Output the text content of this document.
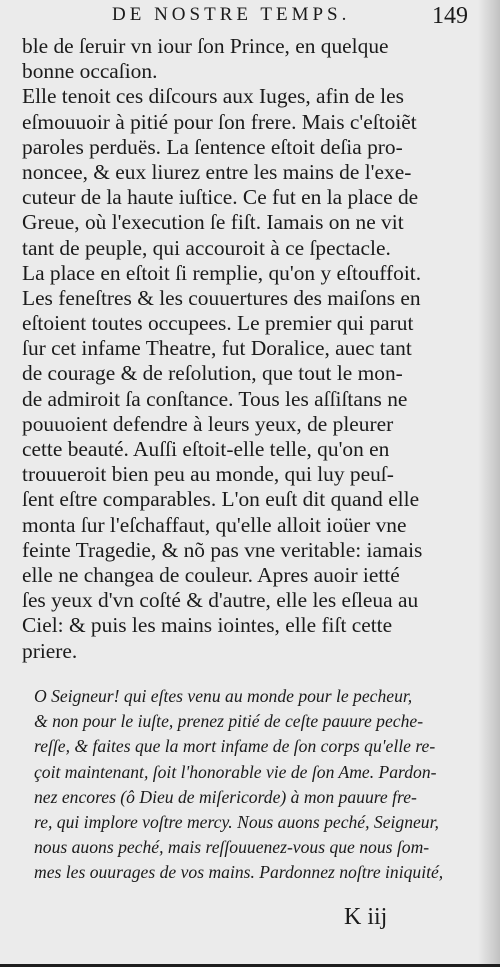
DE NOSTRE TEMPS.	149
ble de ſeruir vn iour ſon Prince, en quelque
bonne occaſion.
Elle tenoit ces diſcours aux Iuges, afin de les
eſmouuoir à pitié pour ſon frere. Mais c'eſtoiẽt
paroles perduës. La ſentence eſtoit deſia pro-
noncee, & eux liurez entre les mains de l'exe-
cuteur de la haute iuſtice. Ce fut en la place de
Greue, où l'execution ſe fiſt. Iamais on ne vit
tant de peuple, qui accouroit à ce ſpectacle.
La place en eſtoit ſi remplie, qu'on y eſtouffoit.
Les feneſtres & les couuertures des maiſons en
eſtoient toutes occupees. Le premier qui parut
ſur cet infame Theatre, fut Doralice, auec tant
de courage & de reſolution, que tout le mon-
de admiroit ſa conſtance. Tous les aſſiſtans ne
pouuoient defendre à leurs yeux, de pleurer
cette beauté. Auſſi eſtoit-elle telle, qu'on en
trouueroit bien peu au monde, qui luy peuſ-
ſent eſtre comparables. L'on euſt dit quand elle
monta ſur l'eſchaffaut, qu'elle alloit ioüer vne
feinte Tragedie, & nõ pas vne veritable: iamais
elle ne changea de couleur. Apres auoir ietté
ſes yeux d'vn coſté & d'autre, elle les eſleua au
Ciel: & puis les mains iointes, elle fiſt cette
priere.
O Seigneur! qui eſtes venu au monde pour le pecheur,
& non pour le iuſte, prenez pitié de ceſte pauure peche-
reſſe, & faites que la mort infame de ſon corps qu'elle re-
çoit maintenant, ſoit l'honorable vie de ſon Ame. Pardon-
nez encores (ô Dieu de miſericorde) à mon pauure fre-
re, qui implore voſtre mercy. Nous auons peché, Seigneur,
nous auons peché, mais reſſouuenez-vous que nous ſom-
mes les ouurages de vos mains. Pardonnez noſtre iniquité,
K iij
